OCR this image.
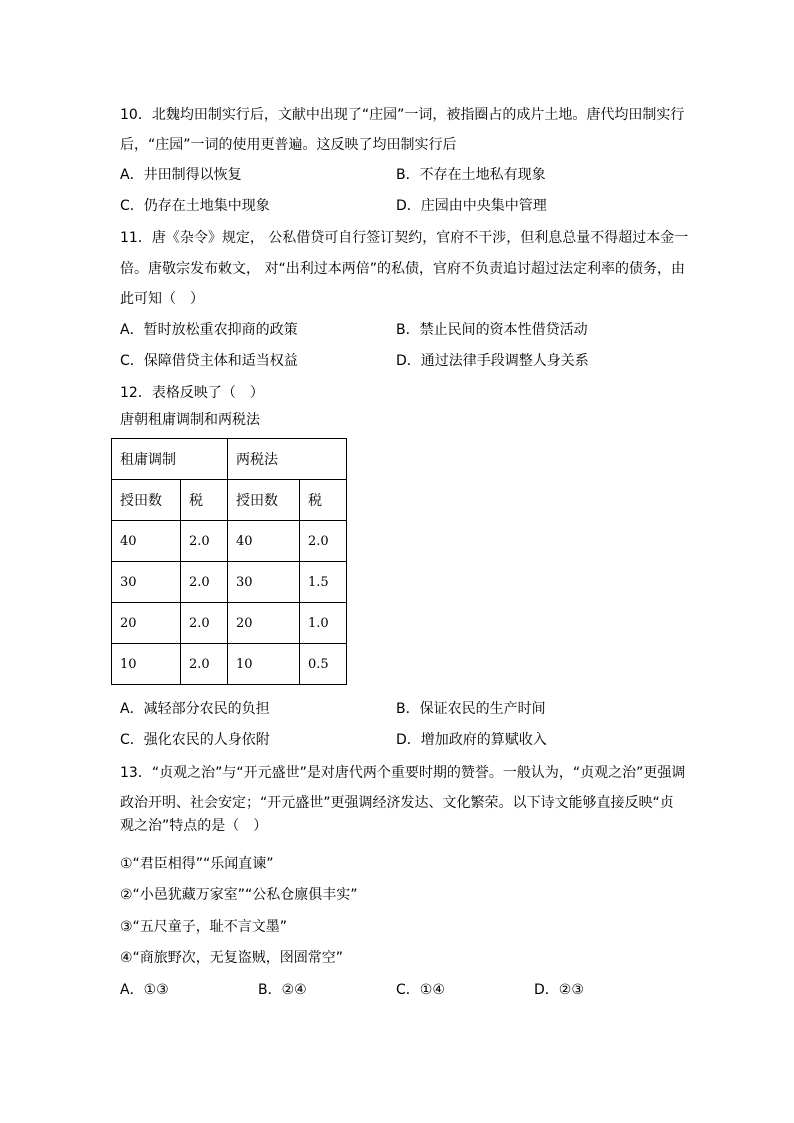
10．北魏均田制实行后，文献中出现了“庄园”一词，被指圈占的成片土地。唐代均田制实行
后，“庄园”一词的使用更普遍。这反映了均田制实行后
A．井田制得以恢复	B．不存在土地私有现象
C．仍存在土地集中现象	D．庄园由中央集中管理
11．唐《杂令》规定， 公私借贷可自行签订契约，官府不干涉，但利息总量不得超过本金一
倍。唐敬宗发布敕文， 对“出利过本两倍”的私债，官府不负责追讨超过法定利率的债务，由
此可知（　）
A．暂时放松重农抑商的政策	B．禁止民间的资本性借贷活动
C．保障借贷主体和适当权益	D．通过法律手段调整人身关系
12．表格反映了（　）
唐朝租庸调制和两税法
租庸调制		两税法	
授田数	税	授田数	税
40	2.0	40	2.0
30	2.0	30	1.5
20	2.0	20	1.0
10	2.0	10	0.5
A．减轻部分农民的负担	B．保证农民的生产时间
C．强化农民的人身依附	D．增加政府的算赋收入
13．“贞观之治”与“开元盛世”是对唐代两个重要时期的赞誉。一般认为，“贞观之治”更强调
政治开明、社会安定；“开元盛世”更强调经济发达、文化繁荣。以下诗文能够直接反映“贞
观之治”特点的是（　）
①“君臣相得”“乐闻直谏”
②“小邑犹藏万家室”“公私仓廪俱丰实”
③“五尺童子，耻不言文墨”
④“商旅野次，无复盗贼，囹圄常空”
A．①③	B．②④	C．①④	D．②③
